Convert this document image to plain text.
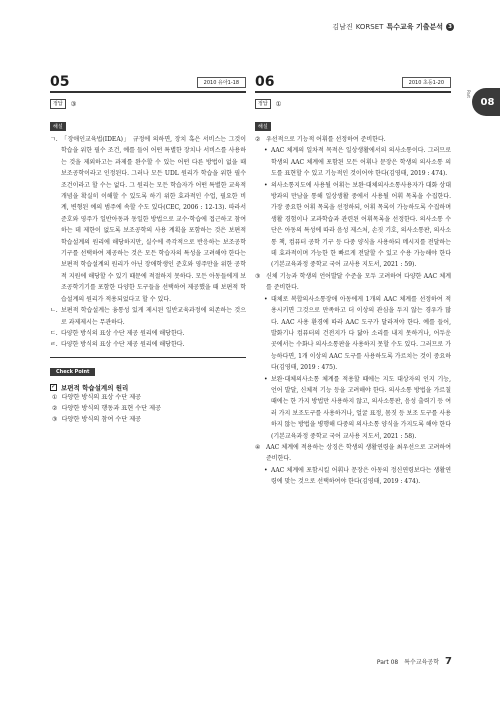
김남진 KORSET 특수교육 기출분석 3
Part
08
05	2010 유아1-18
정답	③
해설
ㄱ. 「장애인교육법(IDEA)」 규정에 의하면, 장치 혹은 서비스는 그것이 학습을 위한 필수 조건, 예를 들어 어떤 특별한 장치나 서비스를 사용하는 것을 제외하고는 과제를 완수할 수 있는 어떤 다른 방법이 없을 때 보조공학이라고 인정된다. 그러나 모든 UDL 원리가 학습을 위한 필수 조건이라고 할 수는 없다. 그 원리는 모든 학습자가 어떤 특별한 교육적 개념을 확실히 이해할 수 있도록 하기 위한 효과적인 수업, 필요한 비계, 변형된 예의 범주에 속할 수도 있다(CEC, 2006 : 12-13). 따라서 준호와 영주가 일반아동과 동일한 방법으로 교수·학습에 접근하고 참여하는 데 제한이 없도록 보조공학의 사용 계획을 포함하는 것은 보편적 학습설계의 원리에 해당하지만, 실수에 즉각적으로 반응하는 보조공학 기구를 선택하여 제공하는 것은 모든 학습자의 특성을 고려해야 한다는 보편적 학습설계의 원리가 아닌 장애학생인 준호와 영주만을 위한 공학적 지원에 해당할 수 있기 때문에 적절하지 못하다. 모든 아동들에게 보조공학기기를 포함한 다양한 도구들을 선택하여 제공했을 때 보편적 학습설계의 원리가 적용되었다고 할 수 있다.
ㄴ. 보편적 학습설계는 융통성 있게 제시된 일반교육과정에 의존하는 것으로 과제제시는 무관하다.
ㄷ. 다양한 방식의 표상 수단 제공 원리에 해당한다.
ㄹ. 다양한 방식의 표상 수단 제공 원리에 해당한다.
Check Point
✓ 보편적 학습설계의 원리
① 다양한 방식의 표상 수단 제공
② 다양한 방식의 행동과 표현 수단 제공
③ 다양한 방식의 참여 수단 제공
06	2010 초등1-20
정답	①
해설
② 우선적으로 기능적 어휘를 선정하여 준비한다.
• AAC 체계의 일차적 목적은 일상생활에서의 의사소통이다. 그러므로 학생의 AAC 체계에 포함된 모든 어휘나 문장은 학생의 의사소통 의도를 표현할 수 있고 기능적인 것이어야 한다(김영태, 2019 : 474).
• 의사소통지도에 사용될 어휘는 보완·대체의사소통사용자가 대화 상대방과의 만남을 통해 일상생활 중에서 사용될 어휘 목록을 수집한다. 가장 중요한 어휘 목록을 선정하되, 어휘 목록이 가능하도록 수집하며 생활 경험이나 교과학습과 관련된 어휘목록을 선정한다. 의사소통 수단은 아동의 특성에 따라 음성 제스처, 손짓 기호, 의사소통판, 의사소통 책, 컴퓨터 공학 기구 등 다중 양식을 사용하되 메시지를 전달하는 데 효과적이며 가능한 한 빠르게 전달할 수 있고 수용 가능해야 한다(기본교육과정 중학교 국어 교사용 지도서, 2021 : 59).
③ 신체 기능과 학생의 언어발달 수준을 모두 고려하여 다양한 AAC 체계를 준비한다.
• 대체로 복합의사소통장애 아동에게 1개의 AAC 체계를 선정하여 적용시키면 그것으로 만족하고 더 이상의 관심을 두지 않는 경우가 많다. AAC 사용 환경에 따라 AAC 도구가 달라져야 한다. 예를 들어, 발화기나 컴퓨터의 건전지가 다 닳아 소리를 내지 못하거나, 어두운 곳에서는 수화나 의사소통판을 사용하지 못할 수도 있다. 그러므로 가능하다면, 1개 이상의 AAC 도구를 사용하도록 가르치는 것이 중요하다(김영태, 2019 : 475).
• 보완·대체의사소통 체계를 적용할 때에는 지도 대상자의 인지 기능, 언어 발달, 신체적 기능 등을 고려해야 한다. 의사소통 방법을 가르칠 때에는 한 가지 방법만 사용하지 않고, 의사소통판, 음성 출력기 등 여러 가지 보조도구를 사용하거나, 얼굴 표정, 몸짓 등 보조 도구를 사용하지 않는 방법을 병행해 다중의 의사소통 양식을 가지도록 해야 한다(기본교육과정 중학교 국어 교사용 지도서, 2021 : 58).
④ AAC 체계에 적용하는 상징은 학생의 생활연령을 최우선으로 고려하여 준비한다.
• AAC 체계에 포함시킬 어휘나 문장은 아동의 정신연령보다는 생활연령에 맞는 것으로 선택하여야 한다(김영태, 2019 : 474).
Part 08 특수교육공학 7
